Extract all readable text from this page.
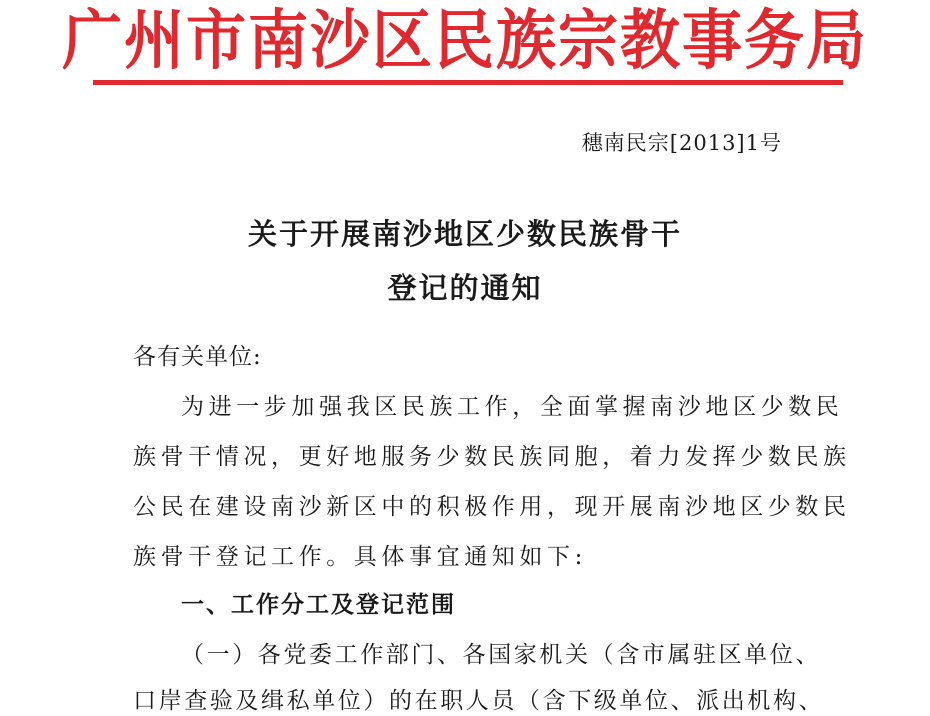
广州市南沙区民族宗教事务局
穗南民宗[2013]1号
关于开展南沙地区少数民族骨干
登记的通知
各有关单位:
为进一步加强我区民族工作，全面掌握南沙地区少数民
族骨干情况，更好地服务少数民族同胞，着力发挥少数民族
公民在建设南沙新区中的积极作用，现开展南沙地区少数民
族骨干登记工作。具体事宜通知如下:
一、工作分工及登记范围
（一）各党委工作部门、各国家机关（含市属驻区单位、
口岸查验及缉私单位）的在职人员（含下级单位、派出机构、
